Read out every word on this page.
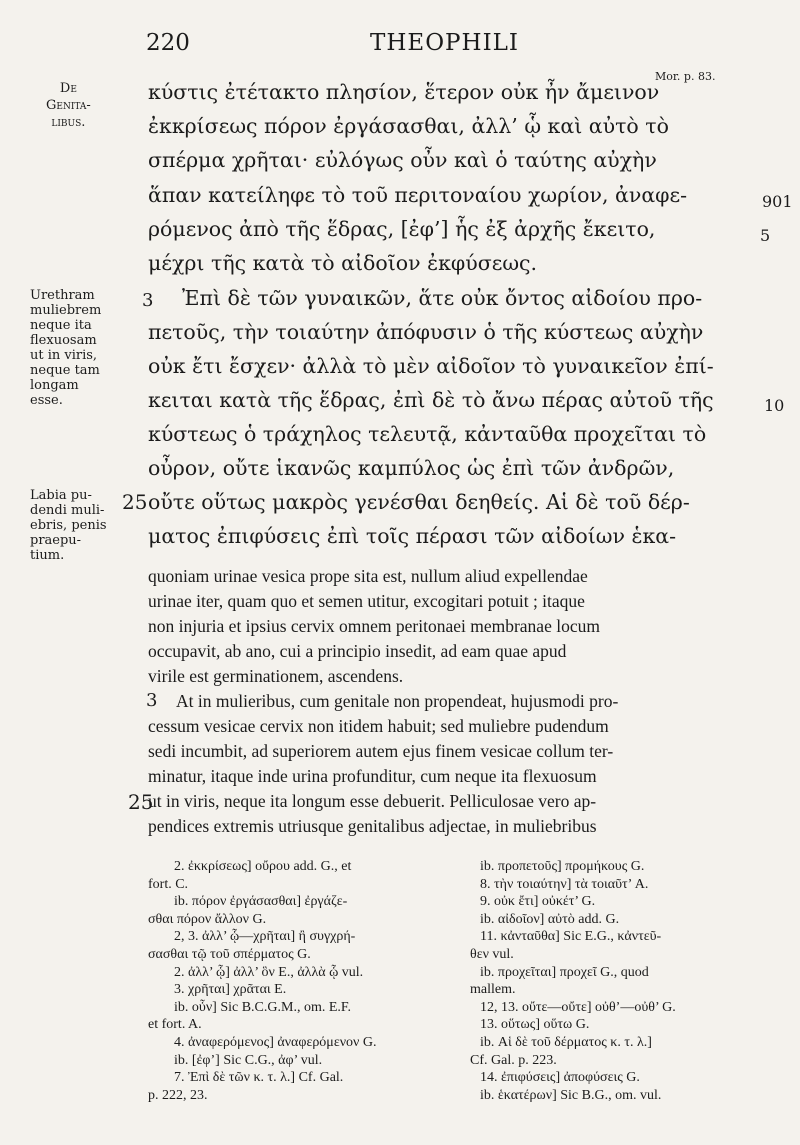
220	THEOPHILI
Mor. p. 83.
De
Genita-
libus.
Urethram
muliebrem
neque ita
flexuosam
ut in viris,
neque tam
longam
esse.
Labia pu-
dendi muli-
ebris, penis
praepu-
tium.
κύστις ἐτέτακτο πλησίον, ἕτερον οὐκ ἦν ἄμεινον
ἐκκρίσεως πόρον ἐργάσασθαι, ἀλλ’ ᾧ καὶ αὐτὸ τὸ
σπέρμα χρῆται· εὐλόγως οὖν καὶ ὁ ταύτης αὐχὴν
ἅπαν κατείληφε τὸ τοῦ περιτοναίου χωρίον, ἀναφε-
ρόμενος ἀπὸ τῆς ἕδρας, [ἐφ’] ἧς ἐξ ἀρχῆς ἔκειτο,
μέχρι τῆς κατὰ τὸ αἰδοῖον ἐκφύσεως.
Ἐπὶ δὲ τῶν γυναικῶν, ἅτε οὐκ ὄντος αἰδοίου προ-
πετοῦς, τὴν τοιαύτην ἀπόφυσιν ὁ τῆς κύστεως αὐχὴν
οὐκ ἔτι ἔσχεν· ἀλλὰ τὸ μὲν αἰδοῖον τὸ γυναικεῖον ἐπί-
κειται κατὰ τῆς ἕδρας, ἐπὶ δὲ τὸ ἄνω πέρας αὐτοῦ τῆς
κύστεως ὁ τράχηλος τελευτᾷ, κἀνταῦθα προχεῖται τὸ
οὖρον, οὔτε ἱκανῶς καμπύλος ὡς ἐπὶ τῶν ἀνδρῶν,
οὔτε οὕτως μακρὸς γενέσθαι δεηθείς. Αἱ δὲ τοῦ δέρ-
ματος ἐπιφύσεις ἐπὶ τοῖς πέρασι τῶν αἰδοίων ἑκα-
3
25
901
5
10
quoniam urinae vesica prope sita est, nullum aliud expellendae
urinae iter, quam quo et semen utitur, excogitari potuit ; itaque
non injuria et ipsius cervix omnem peritonaei membranae locum
occupavit, ab ano, cui a principio insedit, ad eam quae apud
virile est germinationem, ascendens.
At in mulieribus, cum genitale non propendeat, hujusmodi pro-
cessum vesicae cervix non itidem habuit; sed muliebre pudendum
sedi incumbit, ad superiorem autem ejus finem vesicae collum ter-
minatur, itaque inde urina profunditur, cum neque ita flexuosum
ut in viris, neque ita longum esse debuerit. Pelliculosae vero ap-
pendices extremis utriusque genitalibus adjectae, in muliebribus
3
25
2. ἐκκρίσεως] οὔρου add. G., et
fort. C.
ib. πόρον ἐργάσασθαι] ἐργάζε-
σθαι πόρον ἄλλον G.
2, 3. ἀλλ’ ᾧ—χρῆται] ἢ συγχρή-
σασθαι τῷ τοῦ σπέρματος G.
2. ἀλλ’ ᾧ] ἀλλ’ ὃν E., ἀλλὰ ᾧ vul.
3. χρῆται] χρᾶται E.
ib. οὖν] Sic B.C.G.M., om. E.F.
et fort. A.
4. ἀναφερόμενος] ἀναφερόμενον G.
ib. [ἐφ’] Sic C.G., ἀφ’ vul.
7. Ἐπὶ δὲ τῶν κ. τ. λ.] Cf. Gal.
p. 222, 23.
ib. προπετοῦς] προμήκους G.
8. τὴν τοιαύτην] τὰ τοιαῦτ’ A.
9. οὐκ ἔτι] οὐκέτ’ G.
ib. αἰδοῖον] αὐτὸ add. G.
11. κἀνταῦθα] Sic E.G., κἀντεῦ-
θεν vul.
ib. προχεῖται] προχεῖ G., quod
mallem.
12, 13. οὔτε—οὔτε] οὐθ’—οὐθ’ G.
13. οὕτως] οὕτω G.
ib. Αἱ δὲ τοῦ δέρματος κ. τ. λ.]
Cf. Gal. p. 223.
14. ἐπιφύσεις] ἀποφύσεις G.
ib. ἑκατέρων] Sic B.G., om. vul.
